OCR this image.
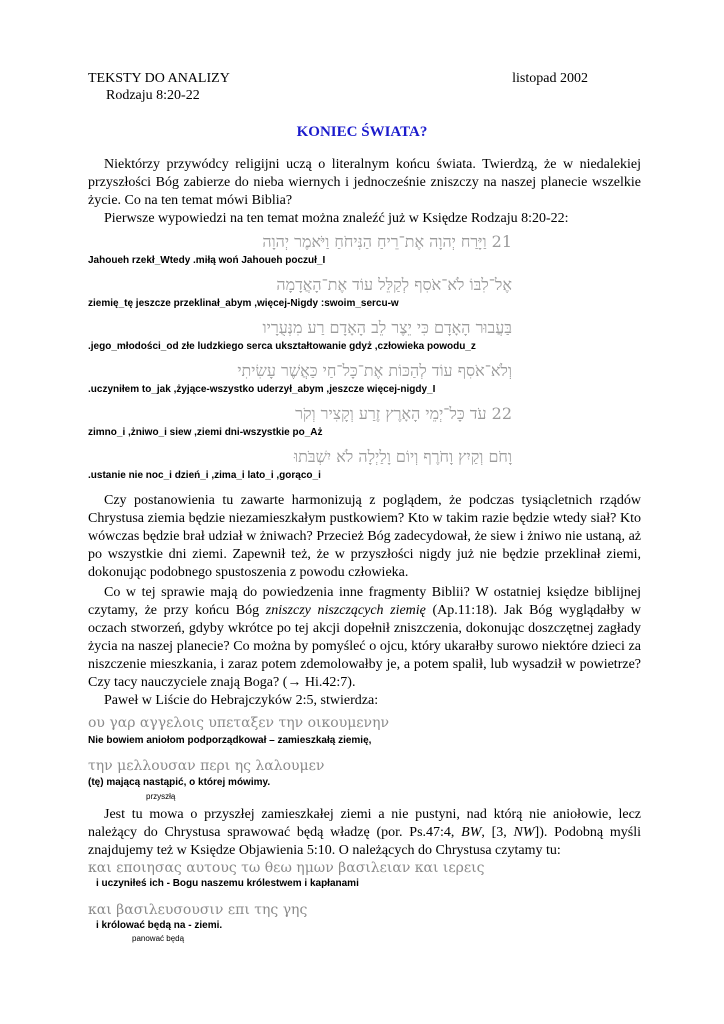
TEKSTY DO ANALIZY
Rodzaju 8:20-22
listopad 2002
KONIEC ŚWIATA?
Niektórzy przywódcy religijni uczą o literalnym końcu świata. Twierdzą, że w niedalekiej przyszłości Bóg zabierze do nieba wiernych i jednocześnie zniszczy na naszej planecie wszelkie życie. Co na ten temat mówi Biblia?
Pierwsze wypowiedzi na ten temat można znaleźć już w Księdze Rodzaju 8:20-22:
21 וַיָּרַח יְהוָה אֶת־רֵיחַ הַנִּיחֹחַ וַיֹּאמֶר יְהוָה
Jahoueh rzekł_Wtedy .miłą woń Jahoueh poczuł_I
אֶל־לִבּוֹ לֹא־אֹסִף לְקַלֵּל עוֹד אֶת־הָאֲדָמָה
ziemię_tę jeszcze przeklinał_abym ,więcej-Nigdy :swoim_sercu-w
בַּעֲבוּר הָאָדָם כִּי יֵצֶר לֵב הָאָדָם רַע מִנְּעֻרָיו
.jego_młodości_od złe ludzkiego serca ukształtowanie gdyż ,człowieka powodu_z
וְלֹא־אֹסִף עוֹד לְהַכּוֹת אֶת־כָּל־חַי כַּאֲשֶׁר עָשִׂיתִי
.uczyniłem to_jak ,żyjące-wszystko uderzył_abym ,jeszcze więcej-nigdy_I
22 עֹד כָּל־יְמֵי הָאָרֶץ זֶרַע וְקָצִיר וְקֹר
zimno_i ,żniwo_i siew ,ziemi dni-wszystkie po_Aż
וָחֹם וְקַיִץ וָחֹרֶף וְיוֹם וָלַיְלָה לֹא יִשְׁבֹּתוּ
.ustanie nie noc_i dzień_i ,zima_i lato_i ,gorąco_i
Czy postanowienia tu zawarte harmonizują z poglądem, że podczas tysiącletnich rządów Chrystusa ziemia będzie niezamieszkałym pustkowiem? Kto w takim razie będzie wtedy siał? Kto wówczas będzie brał udział w żniwach? Przecież Bóg zadecydował, że siew i żniwo nie ustaną, aż po wszystkie dni ziemi. Zapewnił też, że w przyszłości nigdy już nie będzie przeklinał ziemi, dokonując podobnego spustoszenia z powodu człowieka.
Co w tej sprawie mają do powiedzenia inne fragmenty Biblii? W ostatniej księdze biblijnej czytamy, że przy końcu Bóg zniszczy niszczących ziemię (Ap.11:18). Jak Bóg wyglądałby w oczach stworzeń, gdyby wkrótce po tej akcji dopełnił zniszczenia, dokonując doszczętnej zagłady życia na naszej planecie? Co można by pomyśleć o ojcu, który ukarałby surowo niektóre dzieci za niszczenie mieszkania, i zaraz potem zdemolowałby je, a potem spalił, lub wysadził w powietrze? Czy tacy nauczyciele znają Boga? (→ Hi.42:7).
Paweł w Liście do Hebrajczyków 2:5, stwierdza:
ου γαρ αγγελοις υπεταξεν την οικουμενην
Nie bowiem aniołom podporządkował – zamieszkałą ziemię,
την μελλουσαν περι ης λαλουμεν
(tę) mającą nastąpić, o której mówimy.
przyszłą
Jest tu mowa o przyszłej zamieszkałej ziemi a nie pustyni, nad którą nie aniołowie, lecz należący do Chrystusa sprawować będą władzę (por. Ps.47:4, BW, [3, NW]). Podobną myśli znajdujemy też w Księdze Objawienia 5:10. O należących do Chrystusa czytamy tu:
και εποιησας αυτους τω θεω ημων βασιλειαν και ιερεις
i uczyniłeś ich - Bogu naszemu królestwem i kapłanami
και βασιλευσουσιν επι της γης
i królować będą na - ziemi.
panować będą
